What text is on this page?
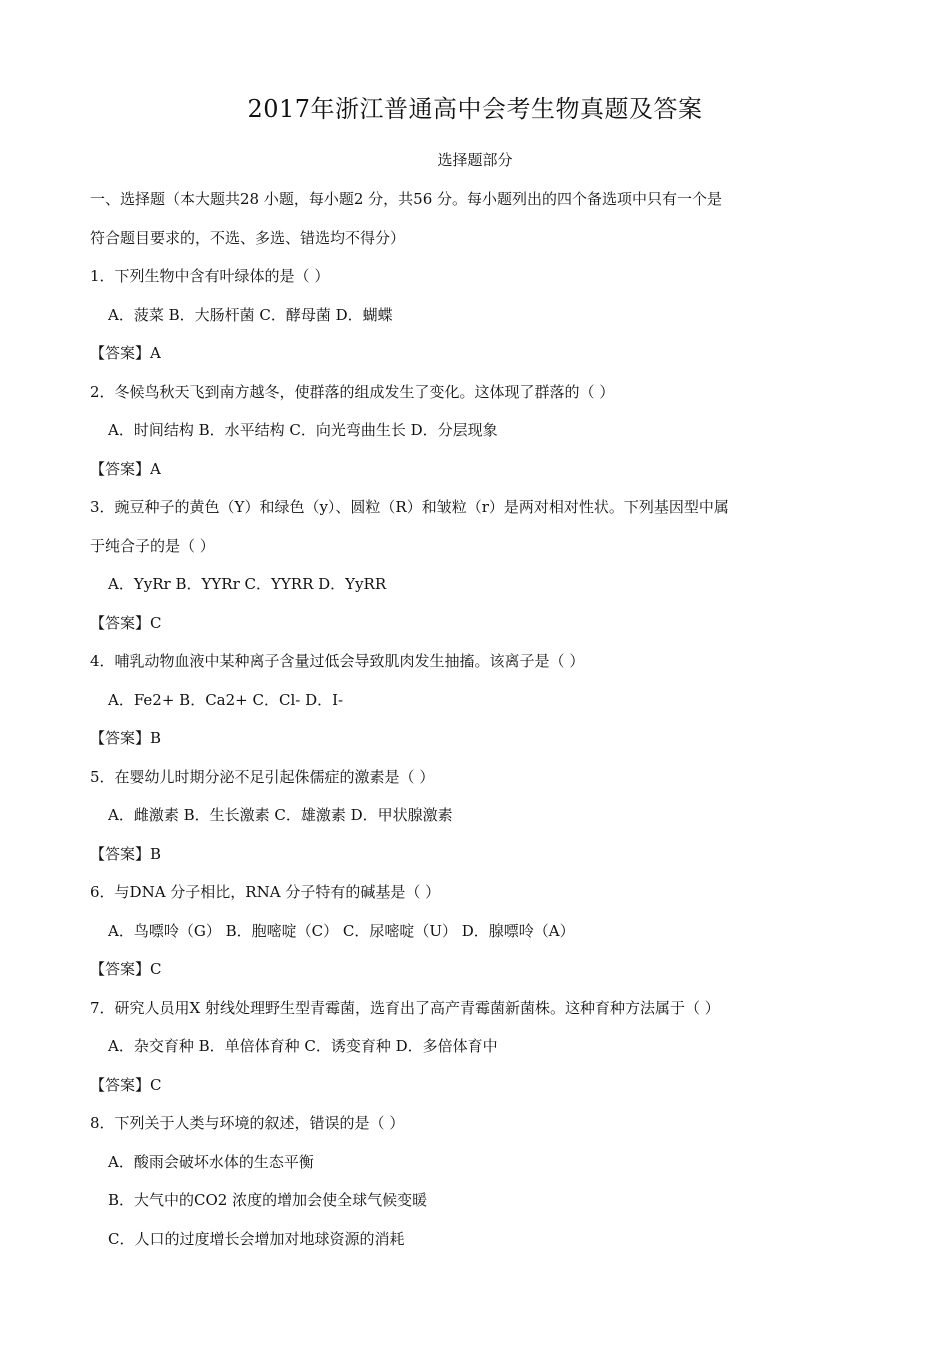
2017年浙江普通高中会考生物真题及答案
选择题部分
一、选择题（本大题共28 小题，每小题2 分，共56 分。每小题列出的四个备选项中只有一个是
符合题目要求的，不选、多选、错选均不得分）
1．下列生物中含有叶绿体的是（ ）
A．菠菜 B．大肠杆菌 C．酵母菌 D．蝴蝶
【答案】A
2．冬候鸟秋天飞到南方越冬，使群落的组成发生了变化。这体现了群落的（ ）
A．时间结构 B．水平结构 C．向光弯曲生长 D．分层现象
【答案】A
3．豌豆种子的黄色（Y）和绿色（y）、圆粒（R）和皱粒（r）是两对相对性状。下列基因型中属
于纯合子的是（ ）
A．YyRr B．YYRr C．YYRR D．YyRR
【答案】C
4．哺乳动物血液中某种离子含量过低会导致肌肉发生抽搐。该离子是（ ）
A．Fe2+ B．Ca2+ C．Cl- D．I-
【答案】B
5．在婴幼儿时期分泌不足引起侏儒症的激素是（ ）
A．雌激素 B．生长激素 C．雄激素 D．甲状腺激素
【答案】B
6．与DNA 分子相比，RNA 分子特有的碱基是（ ）
A．鸟嘌呤（G） B．胞嘧啶（C） C．尿嘧啶（U） D．腺嘌呤（A）
【答案】C
7．研究人员用X 射线处理野生型青霉菌，选育出了高产青霉菌新菌株。这种育种方法属于（ ）
A．杂交育种 B．单倍体育种 C．诱变育种 D．多倍体育中
【答案】C
8．下列关于人类与环境的叙述，错误的是（ ）
A．酸雨会破坏水体的生态平衡
B．大气中的CO2 浓度的增加会使全球气候变暖
C．人口的过度增长会增加对地球资源的消耗
